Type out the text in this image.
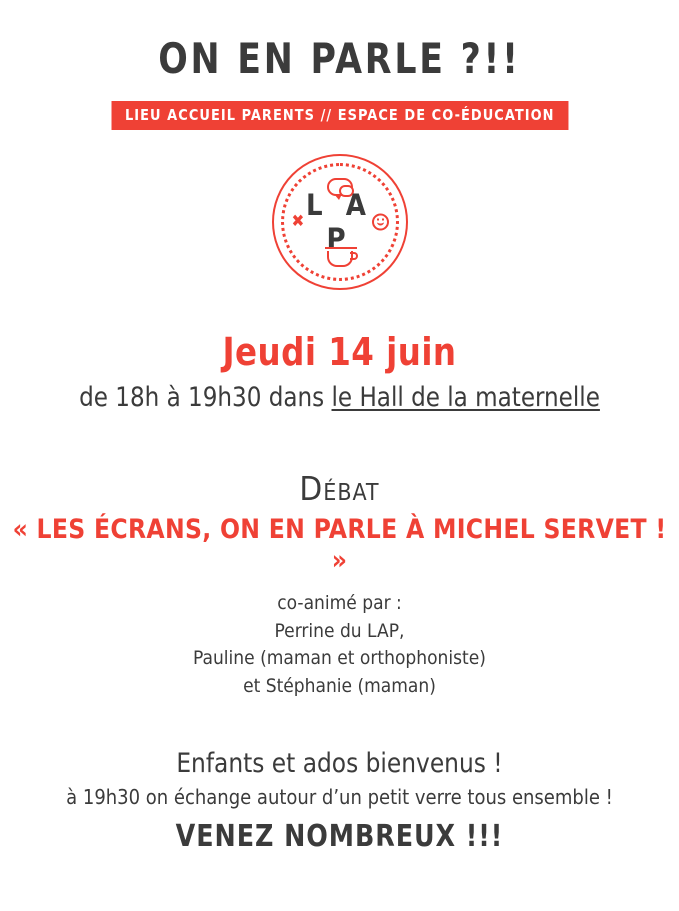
ON EN PARLE ?!!
LIEU ACCUEIL PARENTS // ESPACE DE CO-ÉDUCATION
✖ L A P
Jeudi 14 juin
de 18h à 19h30 dans le Hall de la maternelle
Débat
« LES ÉCRANS, ON EN PARLE À MICHEL SERVET ! »
co-animé par :
Perrine du LAP,
Pauline (maman et orthophoniste)
et Stéphanie (maman)
Enfants et ados bienvenus !
à 19h30 on échange autour d’un petit verre tous ensemble !
VENEZ NOMBREUX !!!
